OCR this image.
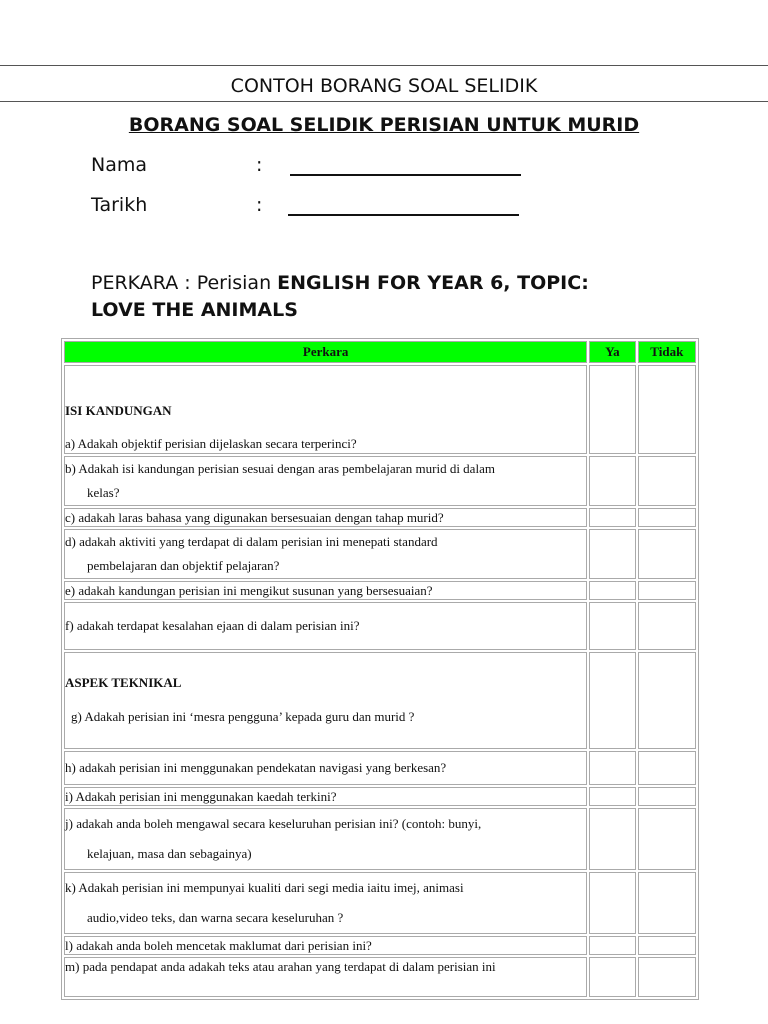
CONTOH BORANG SOAL SELIDIK
BORANG SOAL SELIDIK PERISIAN UNTUK MURID
Nama	:
Tarikh	:
PERKARA : Perisian ENGLISH FOR YEAR 6, TOPIC:
LOVE THE ANIMALS
Perkara	Ya	Tidak

ISI KANDUNGAN
a) Adakah objektif perisian dijelaskan secara terperinci?		

b) Adakah isi kandungan perisian sesuai dengan aras pembelajaran murid di dalam
kelas?		

c) adakah laras bahasa yang digunakan bersesuaian dengan tahap murid?		

d) adakah aktiviti yang terdapat di dalam perisian ini menepati standard
pembelajaran dan objektif pelajaran?		

e) adakah kandungan perisian ini mengikut susunan yang bersesuaian?		
f) adakah terdapat kesalahan ejaan di dalam perisian ini?		

ASPEK TEKNIKAL
g) Adakah perisian ini ‘mesra pengguna’ kepada guru dan murid ?		

h) adakah perisian ini menggunakan pendekatan navigasi yang berkesan?		
i) Adakah perisian ini menggunakan kaedah terkini?		

j) adakah anda boleh mengawal secara keseluruhan perisian ini? (contoh: bunyi,
kelajuan, masa dan sebagainya)		

k) Adakah perisian ini mempunyai kualiti dari segi media iaitu imej, animasi
audio,video teks, dan warna secara keseluruhan ?		

l) adakah anda boleh mencetak maklumat dari perisian ini?		
m) pada pendapat anda adakah teks atau arahan yang terdapat di dalam perisian ini		
